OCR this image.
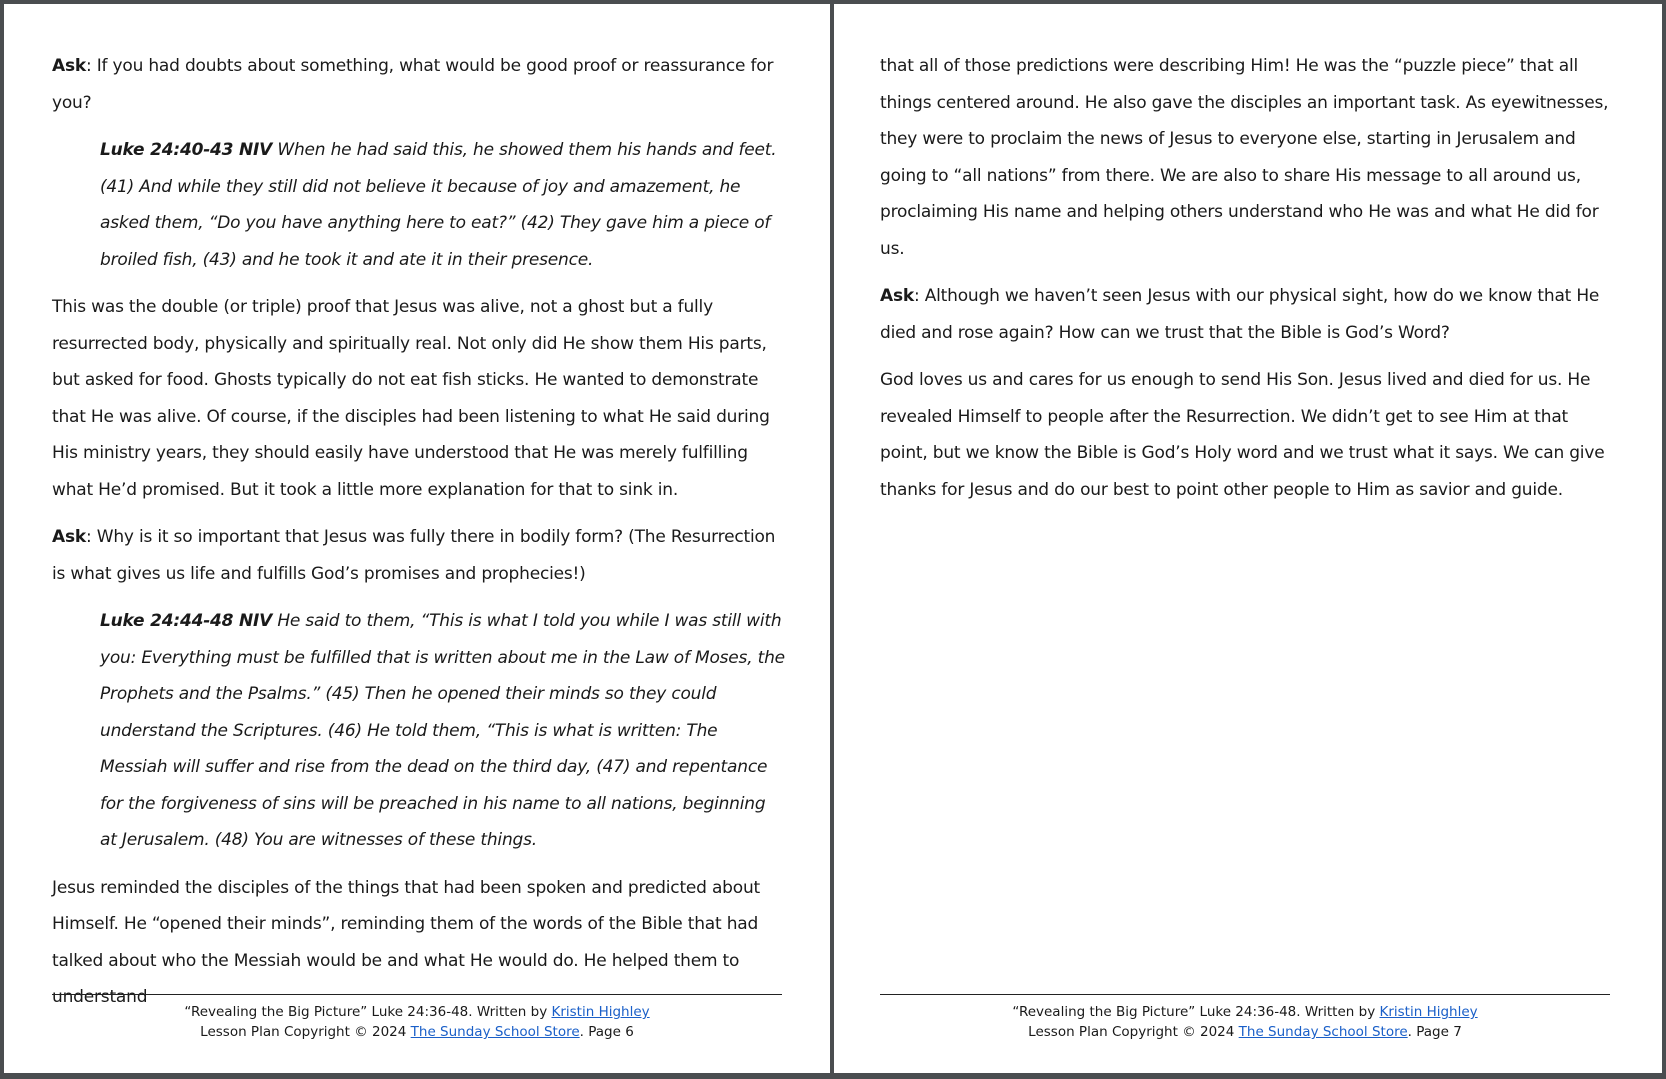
Ask: If you had doubts about something, what would be good proof or reassurance for you?

Luke 24:40-43 NIV When he had said this, he showed them his hands and feet. (41) And while they still did not believe it because of joy and amazement, he asked them, “Do you have anything here to eat?” (42) They gave him a piece of broiled fish, (43) and he took it and ate it in their presence.

This was the double (or triple) proof that Jesus was alive, not a ghost but a fully resurrected body, physically and spiritually real. Not only did He show them His parts, but asked for food. Ghosts typically do not eat fish sticks. He wanted to demonstrate that He was alive. Of course, if the disciples had been listening to what He said during His ministry years, they should easily have understood that He was merely fulfilling what He’d promised. But it took a little more explanation for that to sink in.

Ask: Why is it so important that Jesus was fully there in bodily form? (The Resurrection is what gives us life and fulfills God’s promises and prophecies!)

Luke 24:44-48 NIV He said to them, “This is what I told you while I was still with you: Everything must be fulfilled that is written about me in the Law of Moses, the Prophets and the Psalms.” (45) Then he opened their minds so they could understand the Scriptures. (46) He told them, “This is what is written: The Messiah will suffer and rise from the dead on the third day, (47) and repentance for the forgiveness of sins will be preached in his name to all nations, beginning at Jerusalem. (48) You are witnesses of these things.

Jesus reminded the disciples of the things that had been spoken and predicted about Himself. He “opened their minds”, reminding them of the words of the Bible that had talked about who the Messiah would be and what He would do. He helped them to understand

“Revealing the Big Picture” Luke 24:36-48. Written by Kristin Highley
Lesson Plan Copyright © 2024 The Sunday School Store. Page 6

that all of those predictions were describing Him! He was the “puzzle piece” that all things centered around. He also gave the disciples an important task. As eyewitnesses, they were to proclaim the news of Jesus to everyone else, starting in Jerusalem and going to “all nations” from there. We are also to share His message to all around us, proclaiming His name and helping others understand who He was and what He did for us.

Ask: Although we haven’t seen Jesus with our physical sight, how do we know that He died and rose again? How can we trust that the Bible is God’s Word?

God loves us and cares for us enough to send His Son. Jesus lived and died for us. He revealed Himself to people after the Resurrection. We didn’t get to see Him at that point, but we know the Bible is God’s Holy word and we trust what it says. We can give thanks for Jesus and do our best to point other people to Him as savior and guide.

“Revealing the Big Picture” Luke 24:36-48. Written by Kristin Highley
Lesson Plan Copyright © 2024 The Sunday School Store. Page 7
